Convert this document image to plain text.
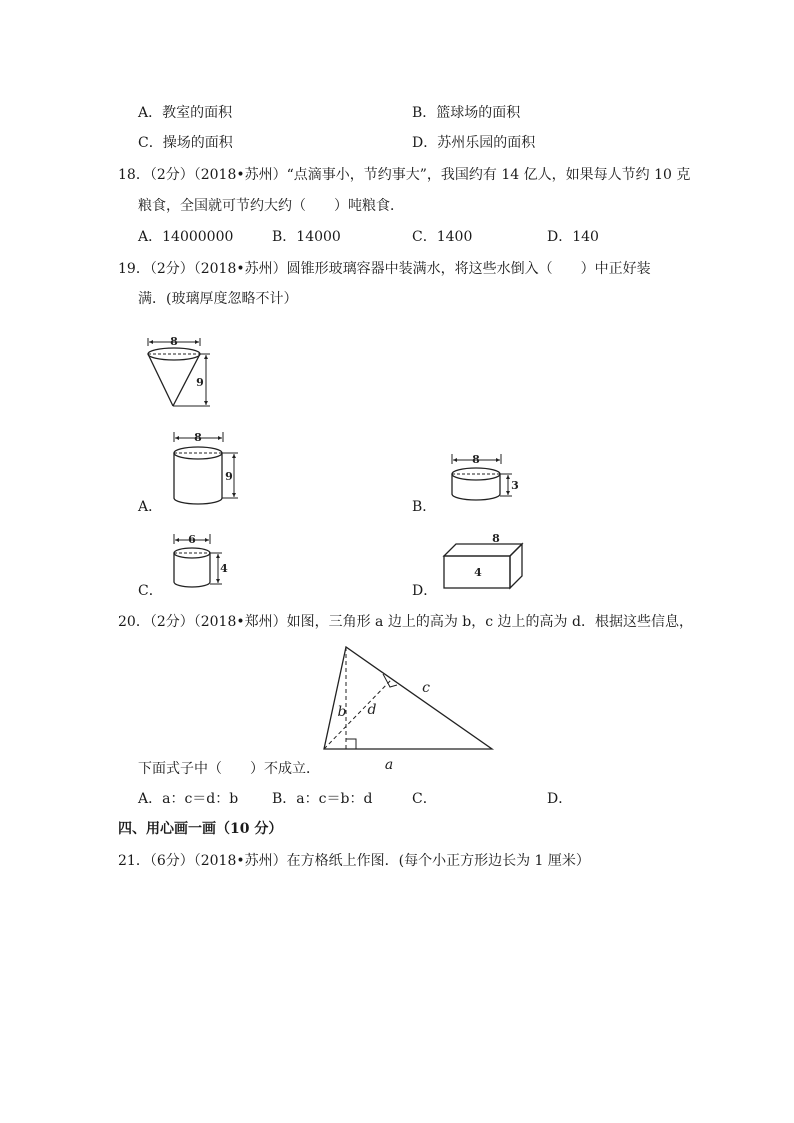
A．教室的面积	B．篮球场的面积
C．操场的面积	D．苏州乐园的面积
18．（2分）（2018•苏州）“点滴事小，节约事大”，我国约有 14 亿人，如果每人节约 10 克
粮食，全国就可节约大约（　　）吨粮食．
A．14000000	B．14000	C．1400	D．140
19．（2分）（2018•苏州）圆锥形玻璃容器中装满水，将这些水倒入（　　）中正好装
满．(玻璃厚度忽略不计）
8
9
8
9
A．
8
3
B．
6
4
C．
8
4
D．
20．（2分）（2018•郑州）如图，三角形 a 边上的高为 b，c 边上的高为 d．根据这些信息，
b d
c
a
下面式子中（　　）不成立．
A．a：c＝d：b B．a：c＝b：d	C．	D．
四、用心画一画（10 分）
21．（6分）（2018•苏州）在方格纸上作图．(每个小正方形边长为 1 厘米）
